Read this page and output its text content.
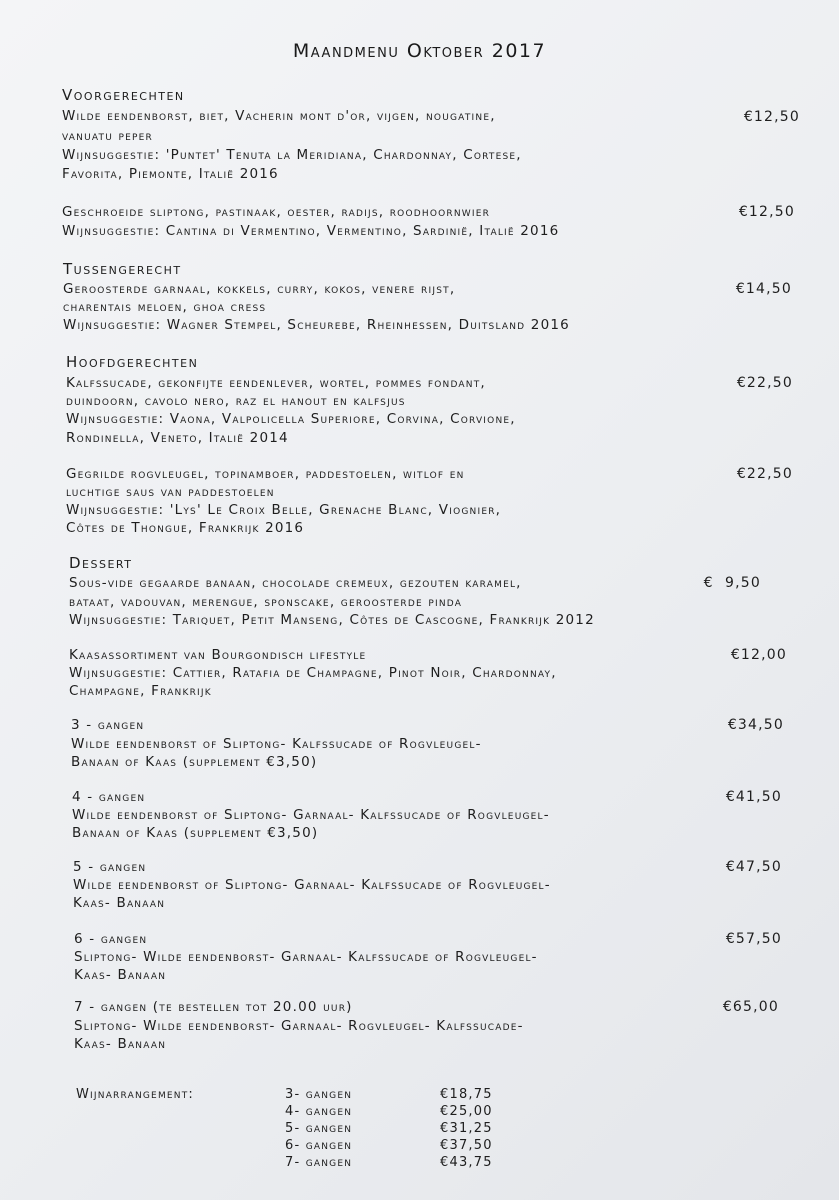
Maandmenu Oktober 2017
Voorgerechten
Wilde eendenborst, biet, Vacherin mont d'or, vijgen, nougatine,	€12,50
vanuatu peper
Wijnsuggestie: 'Puntet' Tenuta la Meridiana, Chardonnay, Cortese,
Favorita, Piemonte, Italië 2016
Geschroeide sliptong, pastinaak, oester, radijs, roodhoornwier	€12,50
Wijnsuggestie: Cantina di Vermentino, Vermentino, Sardinië, Italië 2016
Tussengerecht
Geroosterde garnaal, kokkels, curry, kokos, venere rijst,	€14,50
charentais meloen, ghoa cress
Wijnsuggestie: Wagner Stempel, Scheurebe, Rheinhessen, Duitsland 2016
Hoofdgerechten
Kalfssucade, gekonfijte eendenlever, wortel, pommes fondant,	€22,50
duindoorn, cavolo nero, raz el hanout en kalfsjus
Wijnsuggestie: Vaona, Valpolicella Superiore, Corvina, Corvione,
Rondinella, Veneto, Italië 2014
Gegrilde rogvleugel, topinamboer, paddestoelen, witlof en	€22,50
luchtige saus van paddestoelen
Wijnsuggestie: 'Lys' Le Croix Belle, Grenache Blanc, Viognier,
Côtes de Thongue, Frankrijk 2016
Dessert
Sous-vide gegaarde banaan, chocolade cremeux, gezouten karamel,	€  9,50
bataat, vadouvan, merengue, sponscake, geroosterde pinda
Wijnsuggestie: Tariquet, Petit Manseng, Côtes de Cascogne, Frankrijk 2012
Kaasassortiment van Bourgondisch lifestyle	€12,00
Wijnsuggestie: Cattier, Ratafia de Champagne, Pinot Noir, Chardonnay,
Champagne, Frankrijk
3 - gangen	€34,50
Wilde eendenborst of Sliptong- Kalfssucade of Rogvleugel-
Banaan of Kaas (supplement €3,50)
4 - gangen	€41,50
Wilde eendenborst of Sliptong- Garnaal- Kalfssucade of Rogvleugel-
Banaan of Kaas (supplement €3,50)
5 - gangen	€47,50
Wilde eendenborst of Sliptong- Garnaal- Kalfssucade of Rogvleugel-
Kaas- Banaan
6 - gangen	€57,50
Sliptong- Wilde eendenborst- Garnaal- Kalfssucade of Rogvleugel-
Kaas- Banaan
7 - gangen (te bestellen tot 20.00 uur)	€65,00
Sliptong- Wilde eendenborst- Garnaal- Rogvleugel- Kalfssucade-
Kaas- Banaan
Wijnarrangement:	3- gangen	€18,75
4- gangen	€25,00
5- gangen	€31,25
6- gangen	€37,50
7- gangen	€43,75
